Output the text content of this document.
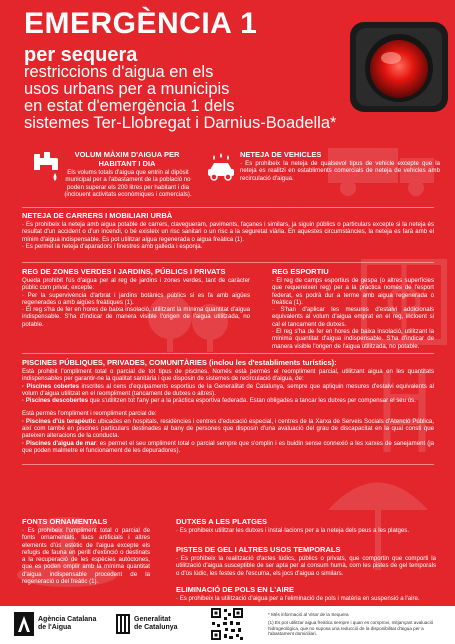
EMERGÈNCIA 1
per sequera
restriccions d'aigua en els
usos urbans per a municipis
en estat d'emergència 1 dels
sistemes Ter-Llobregat i Darnius-Boadella*
VOLUM MÀXIM D'AIGUA PER HABITANT I DIA
Els volums totals d'aigua que entrin al dipòsit municipal per a l'abastament de la població no poden superar els 200 litres per habitant i dia (inclouent activitats econòmiques i comercials).
NETEJA DE VEHICLES
· Es prohibeix la neteja de qualsevol tipus de vehicle excepte que la neteja es realitzi en establiments comercials de neteja de vehicles amb recirculació d'aigua.
NETEJA DE CARRERS I MOBILIARI URBÀ

· Es prohibeix la neteja amb aigua potable de carrers, clavegueram, paviments, façanes i similars, ja siguin públics o particulars excepte si la neteja és resultat d'un accident o d'un incendi, o bé existeix un risc sanitari o un risc a la seguretat viària. En aquestes circumstàncies, la neteja es farà amb el mínim d'aigua indispensable. Es pot utilitzar aigua regenerada o aigua freàtica (1).

· Es permet la neteja d'aparadors i finestres amb galleda i esponja.

REG DE ZONES VERDES I JARDINS, PÚBLICS I PRIVATS

Queda prohibit l'ús d'aigua per al reg de jardins i zones verdes, tant de caràcter públic com privat, excepte:

· Per la supervivència d'arbrat i jardins botànics públics si es fa amb aigües regenerades o amb aigües freàtiques (1).

· El reg s'ha de fer en hores de baixa insolació, utilitzant la mínima quantitat d'aigua indispensable. S'ha d'indicar de manera visible l'origen de l'aigua utilitzada, no potable.

REG ESPORTIU

· El reg de camps esportius de gespa (o altres superfícies que requereixen reg) per a la pràctica només de l'esport federat, es podrà dur a terme amb aigua regenerada o freàtica (1).

· S'han d'aplicar les mesures d'estalvi addicionals equivalents al volum d'aigua emprat en el reg, incloent si cal el tancament de dutxes.

· El reg s'ha de fer en hores de baixa insolació, utilitzant la mínima quantitat d'aigua indispensable. S'ha d'indicar de manera visible l'origen de l'aigua utilitzada, no potable.

PISCINES PÚBLIQUES, PRIVADES, COMUNITÀRIES (inclou les d'establiments turístics):

Està prohibit l'ompliment total o parcial de tot tipus de piscines. Només està permès el reompliment parcial, utilitzant aigua en les quantitats indispensables per garantir-ne la qualitat sanitària i que disposin de sistemes de recirculació d'aigua, de:

· Piscines cobertes inscrites al cens d'equipaments esportius de la Generalitat de Catalunya, sempre que apliquin mesures d'estalvi equivalents al volum d'aigua utilitzat en el reompliment (tancament de dutxes o altres).

· Piscines descobertes que s'utilitzen tot l'any per a la pràctica esportiva federada. Estan obligades a tancar les dutxes per compensar el seu ús.

Està permès l'ompliment i reompliment parcial de:

· Piscines d'ús terapèutic ubicades en hospitals, residències i centres d'educació especial, i centres de la Xarxa de Serveis Socials d'Atenció Pública, així com també en piscines particulars destinades al bany de persones que disposin d'una avaluació del grau de discapacitat en la qual consti que pateixen alteracions de la conducta.

· Piscines d'aigua de mar: es permet el seu ompliment total o parcial sempre que s'omplin i es buidin sense connexió a les xarxes de sanejament (ja que poden malmetre el funcionament de les depuradores).

FONTS ORNAMENTALS
· Es prohibeix l'ompliment total o parcial de fonts ornamentals, llacs artificials i altres elements d'ús estètic de l'aigua excepte els refugis de fauna en perill d'extinció o destinats a la recuperació de les espècies autòctones, que es poden omplir amb la mínima quantitat d'aigua indispensable procedent de la regeneració o del freàtic (1).
DUTXES A LES PLATGES
· Es prohibeix utilitzar les dutxes i instal·lacions per a la neteja dels peus a les platges.
PISTES DE GEL I ALTRES USOS TEMPORALS
· Es prohibeix la realització d'actes lúdics, públics o privats, que comportin que comporti la utilització d'aigua susceptible de ser apta per al consum humà, com les pistes de gel temporals o d'ús lúdic, les festes de l'escuma, els jocs d'aigua o similars.
ELIMINACIÓ DE POLS EN L'AIRE
· Es prohibeix la utilització d'aigua per a l'eliminació de pols i matèria en suspensió a l'aire.
Agència Catalana
de l'Aigua
Generalitat
de Catalunya
* Més informació al Visor de la Sequera
(1) Es pot utilitzar aigua freàtica sempre i quan es comprovi, mitjançant avaluació hidrogeològica, que no suposa una reducció de la disponibilitat d'aigua per a l'abastament domiciliari.
